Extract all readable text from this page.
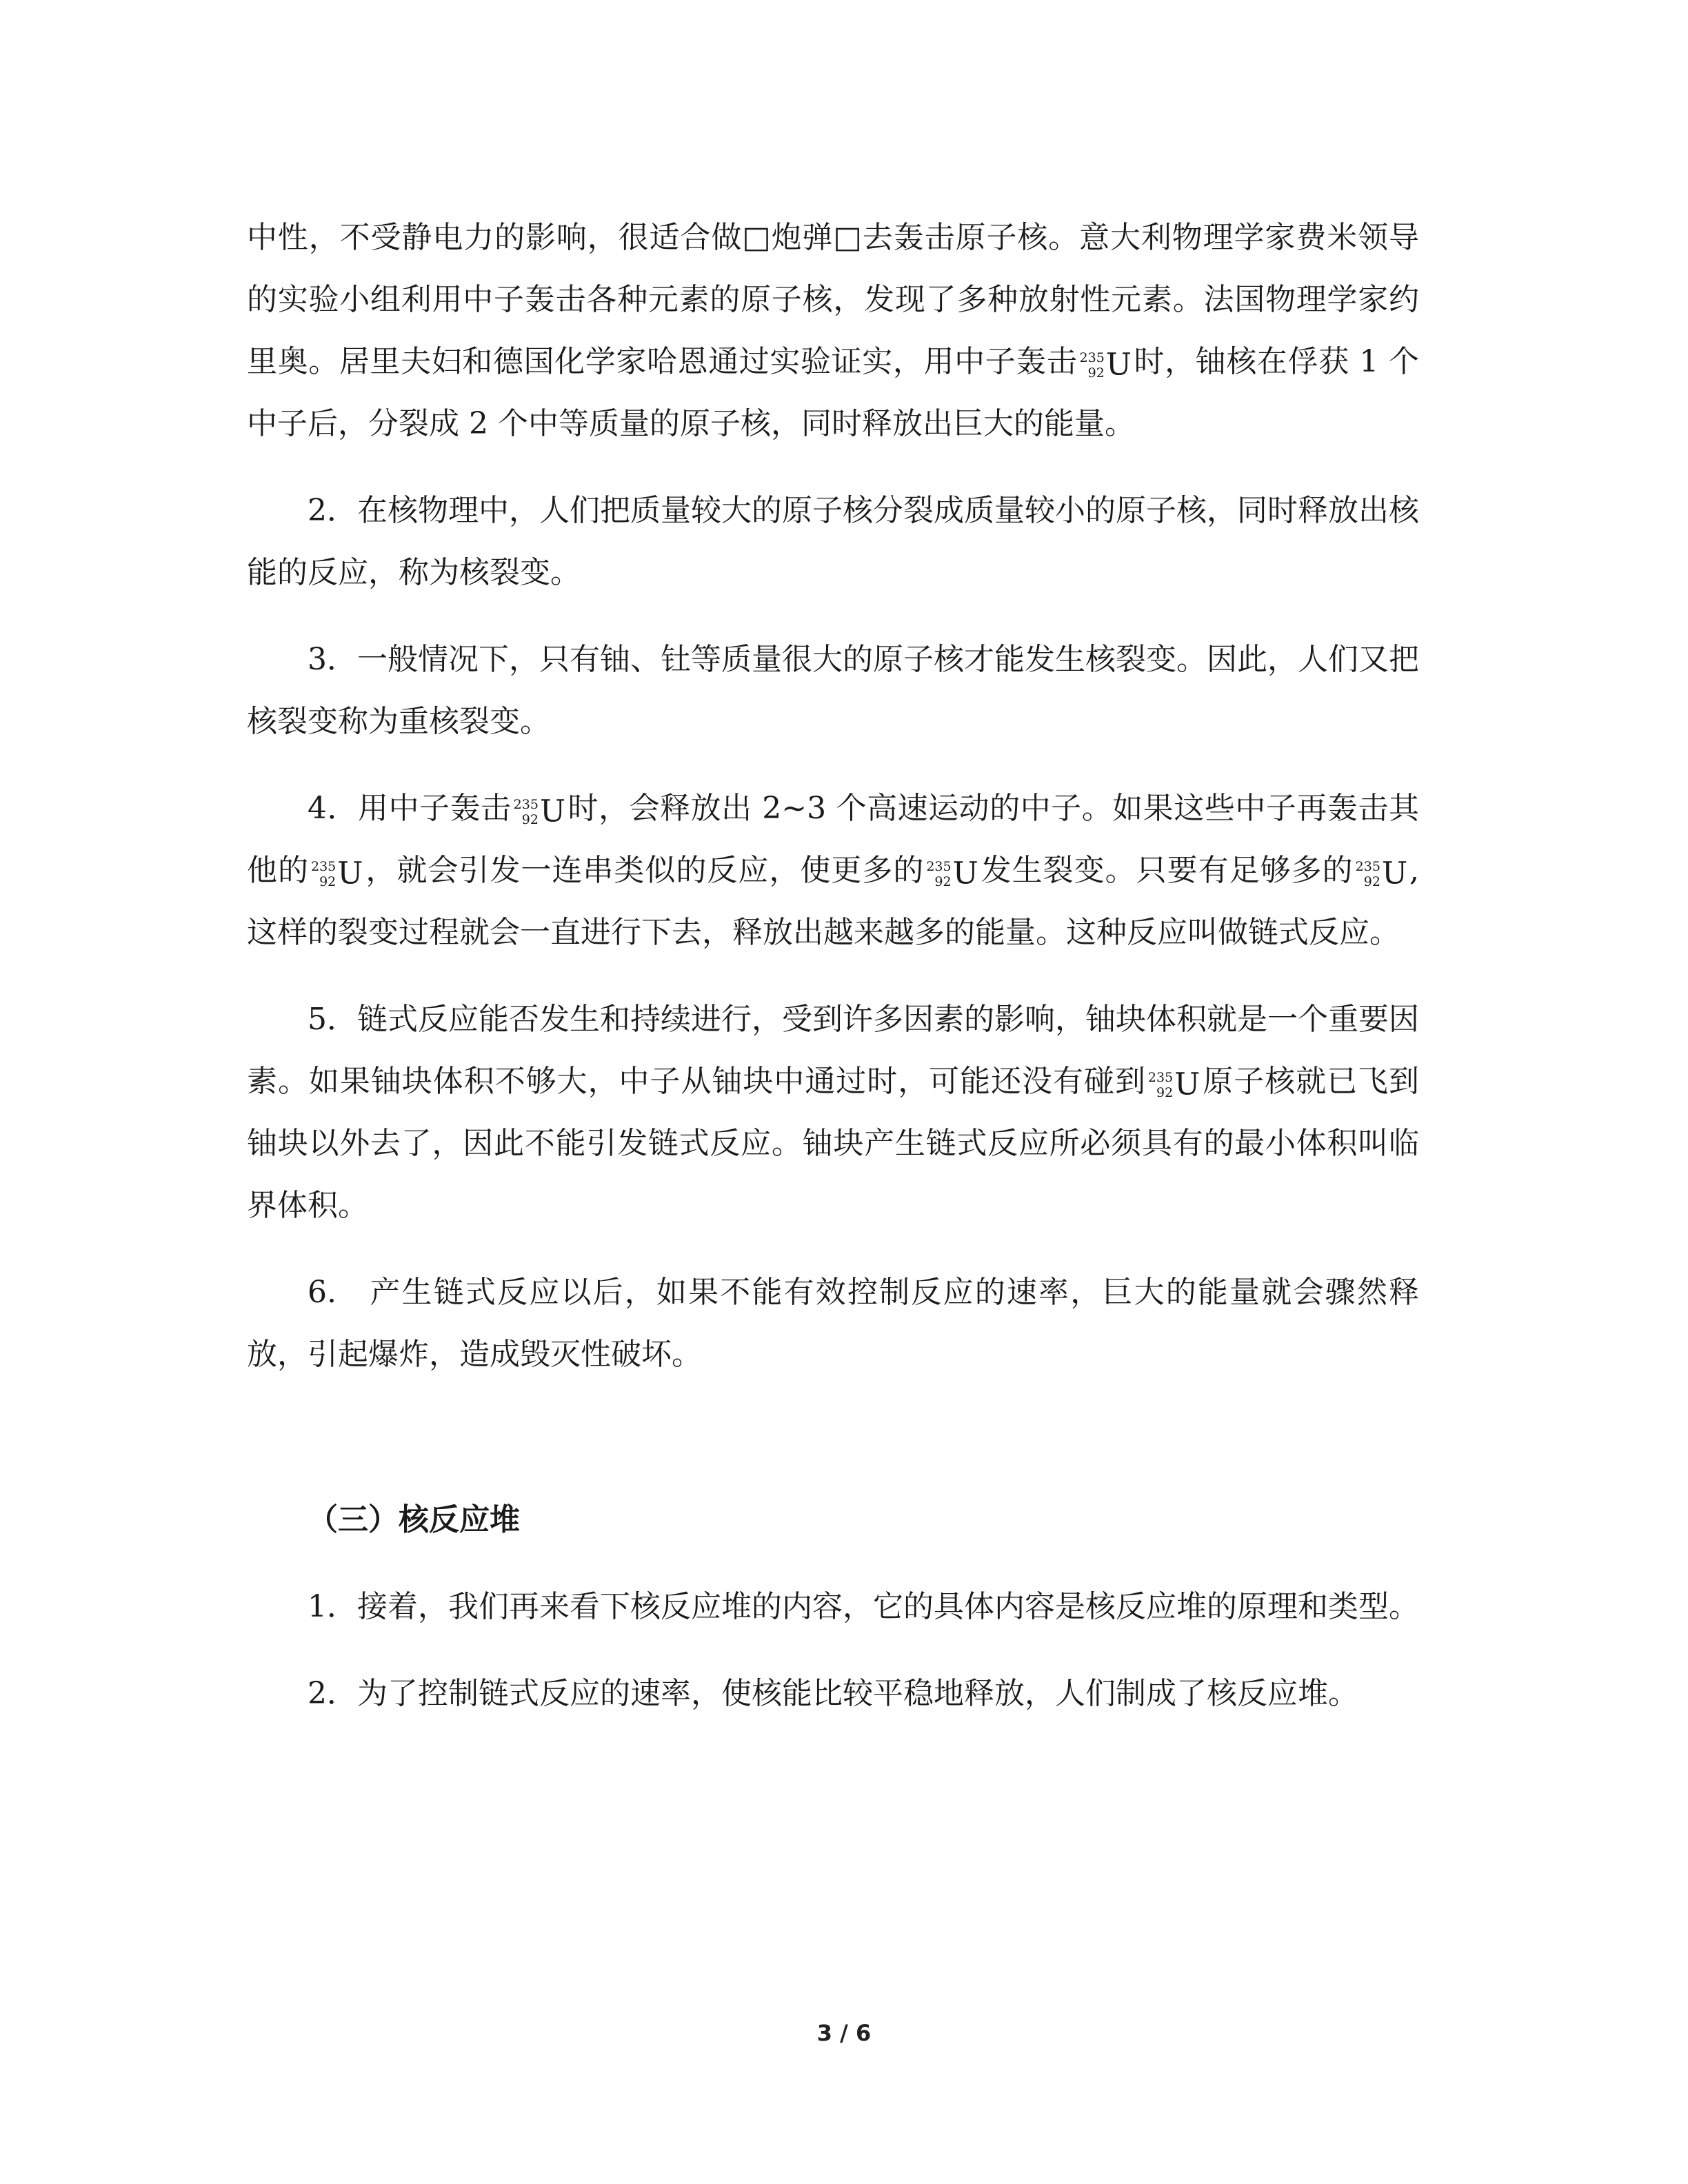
中性，不受静电力的影响，很适合做□炮弹□去轰击原子核。意大利物理学家费米领导的实验小组利用中子轰击各种元素的原子核，发现了多种放射性元素。法国物理学家约里奥。居里夫妇和德国化学家哈恩通过实验证实，用中子轰击 235
92 U时，铀核在俘获 1 个中子后，分裂成 2 个中等质量的原子核，同时释放出巨大的能量。

2．在核物理中，人们把质量较大的原子核分裂成质量较小的原子核，同时释放出核能的反应，称为核裂变。

3．一般情况下，只有铀、钍等质量很大的原子核才能发生核裂变。因此，人们又把核裂变称为重核裂变。

4．用中子轰击 235
92 U时，会释放出 2~3 个高速运动的中子。如果这些中子再轰击其他的 235
92 U，就会引发一连串类似的反应，使更多的 235
92 U发生裂变。只要有足够多的 235
92 U,这样的裂变过程就会一直进行下去，释放出越来越多的能量。这种反应叫做链式反应。

5．链式反应能否发生和持续进行，受到许多因素的影响，铀块体积就是一个重要因素。如果铀块体积不够大，中子从铀块中通过时，可能还没有碰到 235
92 U原子核就已飞到铀块以外去了，因此不能引发链式反应。铀块产生链式反应所必须具有的最小体积叫临界体积。

6.　产生链式反应以后，如果不能有效控制反应的速率，巨大的能量就会骤然释放，引起爆炸，造成毁灭性破坏。

（三）核反应堆

1．接着，我们再来看下核反应堆的内容，它的具体内容是核反应堆的原理和类型。

2．为了控制链式反应的速率，使核能比较平稳地释放，人们制成了核反应堆。

3 / 6
